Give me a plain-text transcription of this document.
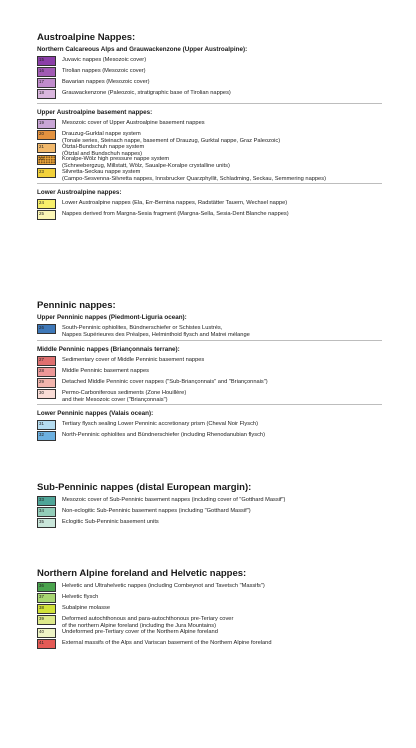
Austroalpine Nappes:
Northern Calcareous Alps and Grauwackenzone (Upper Austroalpine):
15	Juvavic nappes (Mesozoic cover)
16	Tirolian nappes (Mesozoic cover)
17	Bavarian nappes (Mesozoic cover)
18	Grauwackenzone (Paleozoic, stratigraphic base of Tirolian nappes)
Upper Austroalpine basement nappes:
19	Mesozoic cover of Upper Austroalpine basement nappes
20	Drauzug-Gurktal nappe system
(Tonale series, Steinach nappe, basement of Drauzug, Gurktal nappe, Graz Paleozoic)
21	Ötztal-Bundschuh nappe system
(Ötztal and Bundschuh nappes)
22	Koralpe-Wölz high pressure nappe system
(Schneebergzug, Millstatt, Wölz, Saualpe-Koralpe crystalline units)
23	Silvretta-Seckau nappe system
(Campo-Sesvenna-Silvretta nappes, Innsbrucker Quarzphyllit, Schladming, Seckau, Semmering nappes)
Lower Austroalpine nappes:
24	Lower Austroalpine nappes (Ela, Err-Bernina nappes, Radstätter Tauern, Wechsel nappe)
25	Nappes derived from Margna-Sesia fragment (Margna-Sella, Sesia-Dent Blanche nappes)
Penninic nappes:
Upper Penninic nappes (Piedmont-Liguria ocean):
26	South-Penninic ophiolites, Bündnerschiefer or Schistes Lustrés,
Nappes Supérieures des Préalpes, Helminthoid flysch and Matrei mélange
Middle Penninic nappes (Briançonnais terrane):
27	Sedimentary cover of Middle Penninic basement nappes
28	Middle Penninic basement nappes
29	Detached Middle Penninic cover nappes ("Sub-Briançonnais" and "Briançonnais")
30	Permo-Carboniferous sediments (Zone Houillère)
and their Mesozoic cover ("Briançonnais")
Lower Penninic nappes (Valais ocean):
31	Tertiary flysch sealing Lower Penninic accretionary prism (Cheval Noir Flysch)
32	North-Penninic ophiolites and Bündnerschiefer (including Rhenodanubian flysch)
Sub-Penninic nappes (distal European margin):
33	Mesozoic cover of Sub-Penninic basement nappes (including cover of "Gotthard Massif")
34	Non-eclogitic Sub-Penninic basement nappes (including "Gotthard Massif")
35	Eclogitic Sub-Penninic basement units
Northern Alpine foreland and Helvetic nappes:
36	Helvetic and Ultrahelvetic nappes (including Combeynot and Tavetsch "Massifs")
37	Helvetic flysch
38	Subalpine molasse
39	Deformed autochthonous and para-autochthonous pre-Teriary cover
of the northern Alpine foreland (including the Jura Mountains)
40	Undeformed pre-Tertiary cover of the Northern Alpine foreland
41	External massifs of the Alps and Variscan basement of the Northern Alpine foreland
